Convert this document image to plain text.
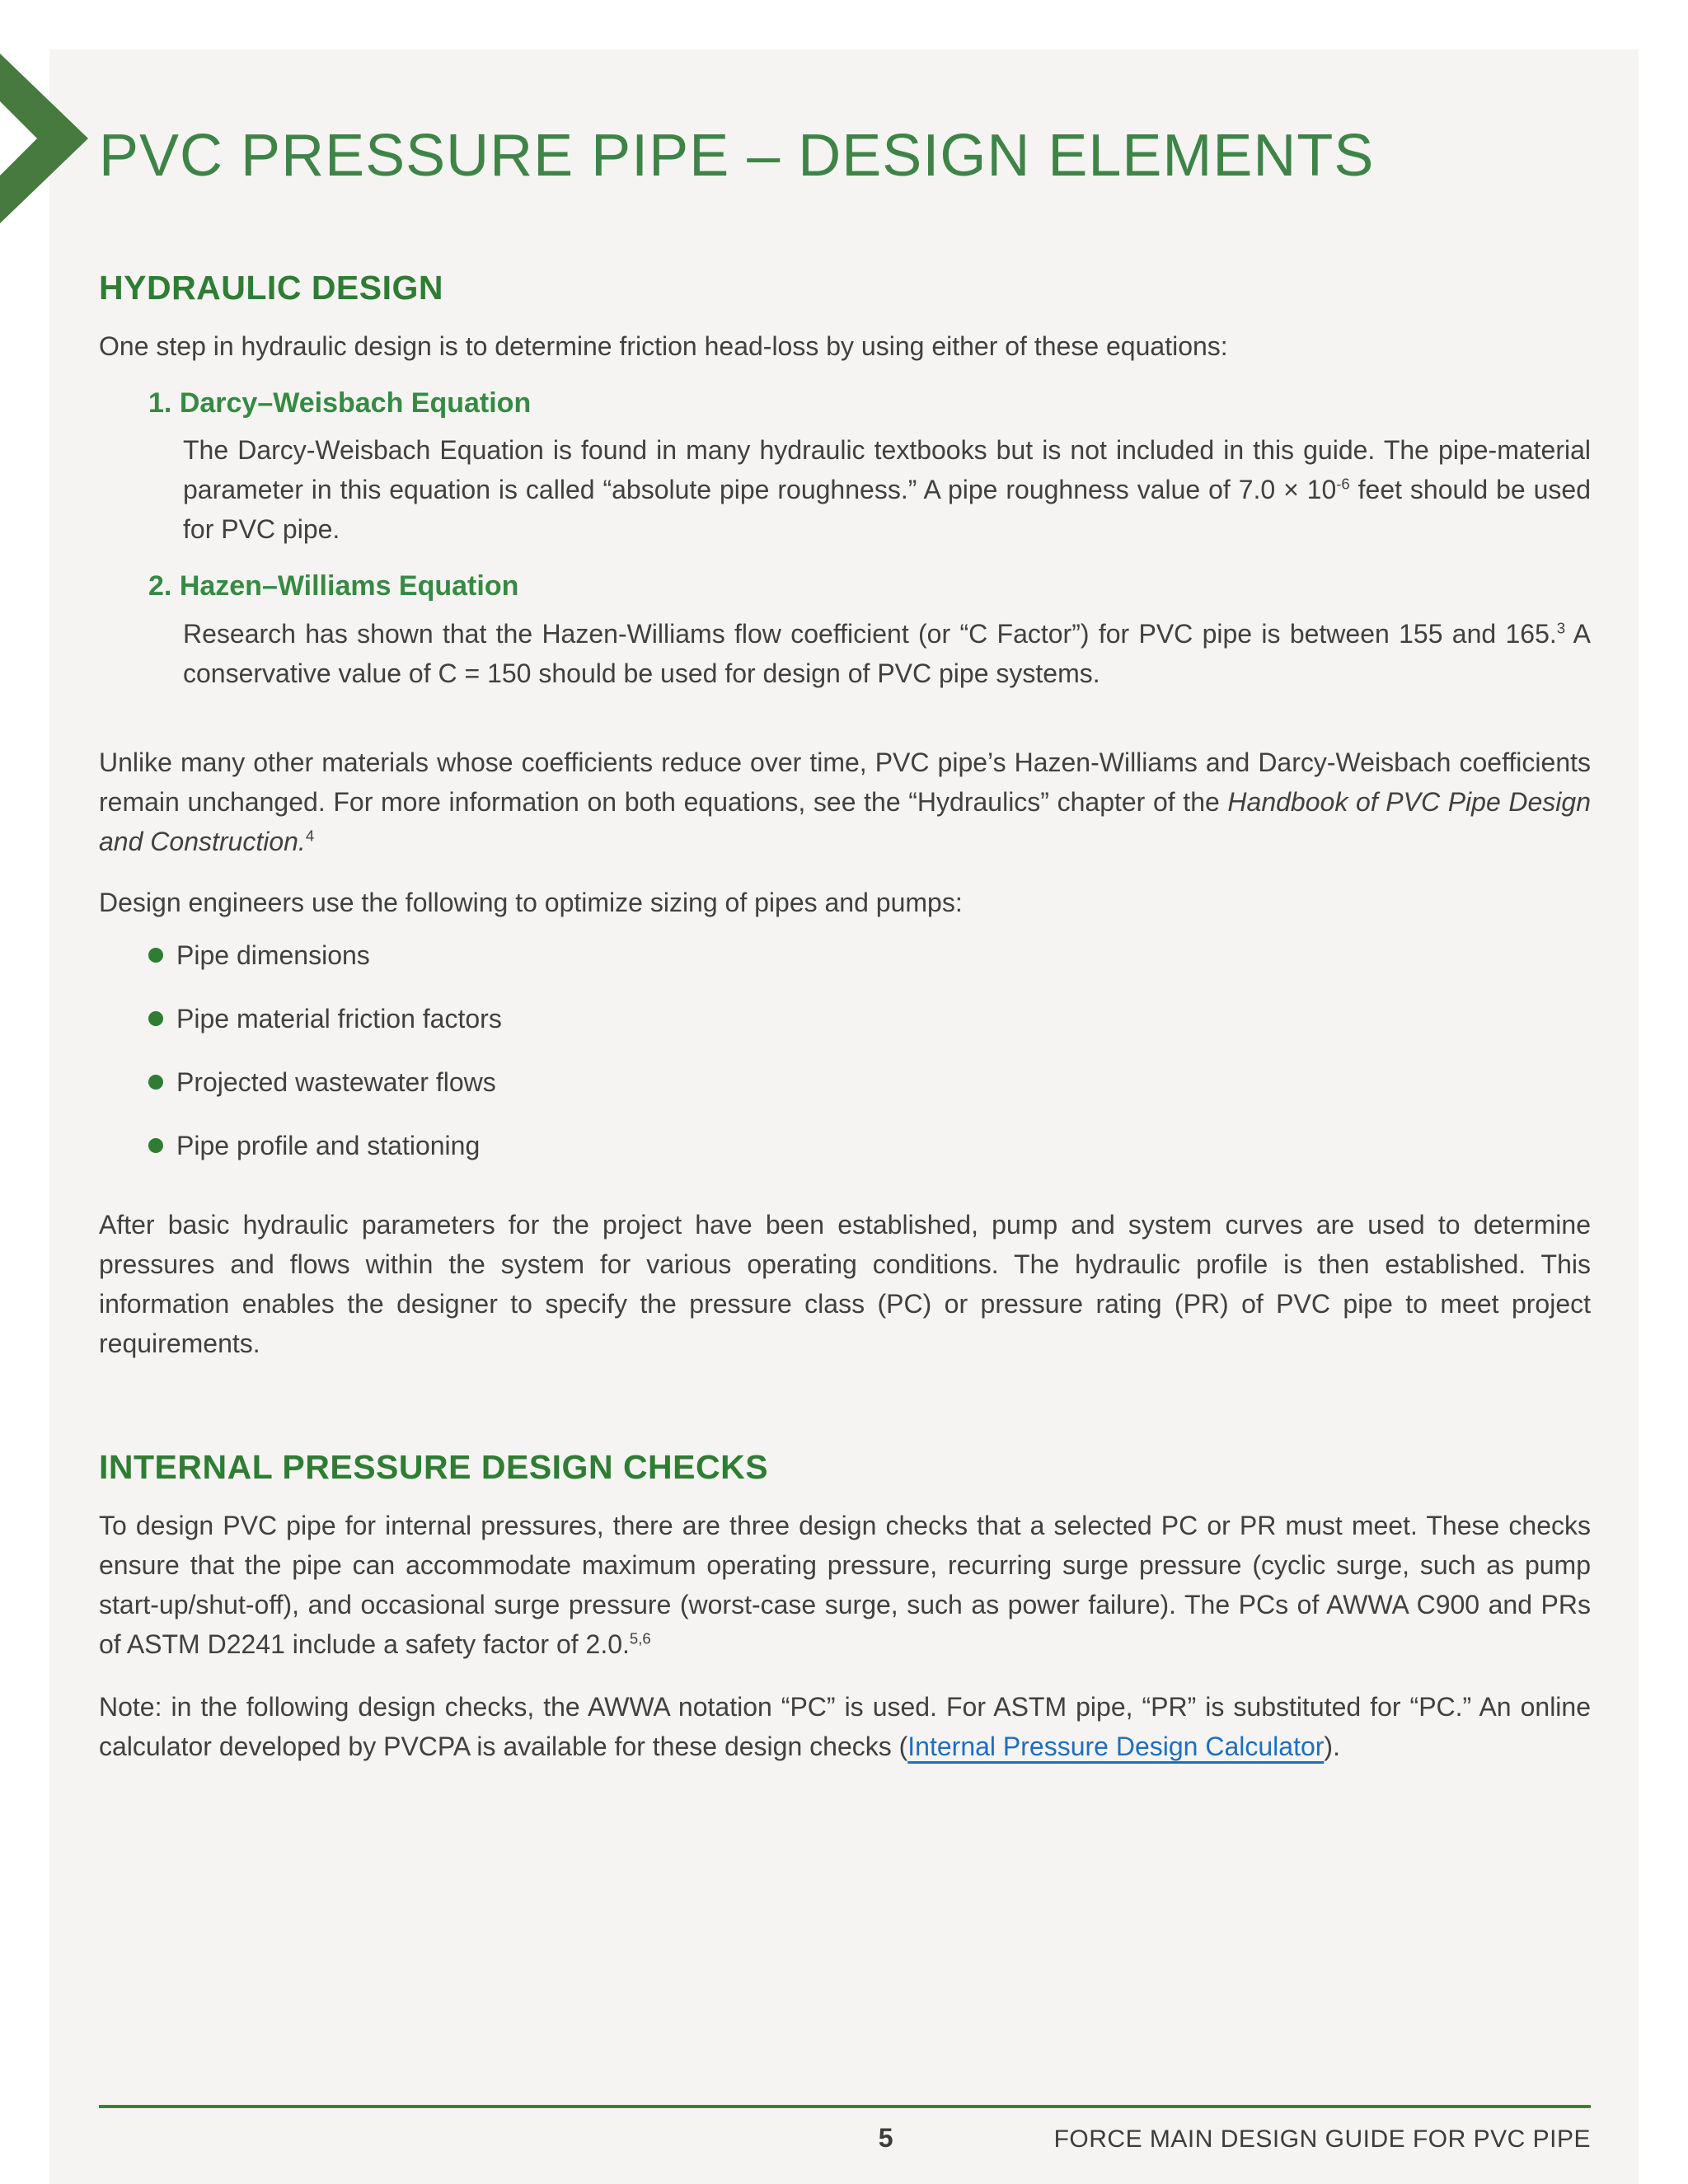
PVC PRESSURE PIPE – DESIGN ELEMENTS
HYDRAULIC DESIGN

One step in hydraulic design is to determine friction head-loss by using either of these equations:

1. Darcy–Weisbach Equation

The Darcy-Weisbach Equation is found in many hydraulic textbooks but is not included in this guide. The pipe-material parameter in this equation is called “absolute pipe roughness.” A pipe roughness value of $7.0 \times 10^{-6}$ feet should be used for PVC pipe.

2. Hazen–Williams Equation

Research has shown that the Hazen-Williams flow coefficient (or “C Factor”) for PVC pipe is between 155 and 165.$^3$ A conservative value of C = 150 should be used for design of PVC pipe systems.

Unlike many other materials whose coefficients reduce over time, PVC pipe’s Hazen-Williams and Darcy-Weisbach coefficients remain unchanged. For more information on both equations, see the “Hydraulics” chapter of the Handbook of PVC Pipe Design and Construction.$^4$

Design engineers use the following to optimize sizing of pipes and pumps:

Pipe dimensions
Pipe material friction factors
Projected wastewater flows
Pipe profile and stationing

After basic hydraulic parameters for the project have been established, pump and system curves are used to determine pressures and flows within the system for various operating conditions. The hydraulic profile is then established. This information enables the designer to specify the pressure class (PC) or pressure rating (PR) of PVC pipe to meet project requirements.

INTERNAL PRESSURE DESIGN CHECKS

To design PVC pipe for internal pressures, there are three design checks that a selected PC or PR must meet. These checks ensure that the pipe can accommodate maximum operating pressure, recurring surge pressure (cyclic surge, such as pump start-up/shut-off), and occasional surge pressure (worst-case surge, such as power failure). The PCs of AWWA C900 and PRs of ASTM D2241 include a safety factor of 2.0.$^{5,6}$

Note: in the following design checks, the AWWA notation “PC” is used. For ASTM pipe, “PR” is substituted for “PC.” An online calculator developed by PVCPA is available for these design checks (Internal Pressure Design Calculator).

5	FORCE MAIN DESIGN GUIDE FOR PVC PIPE
